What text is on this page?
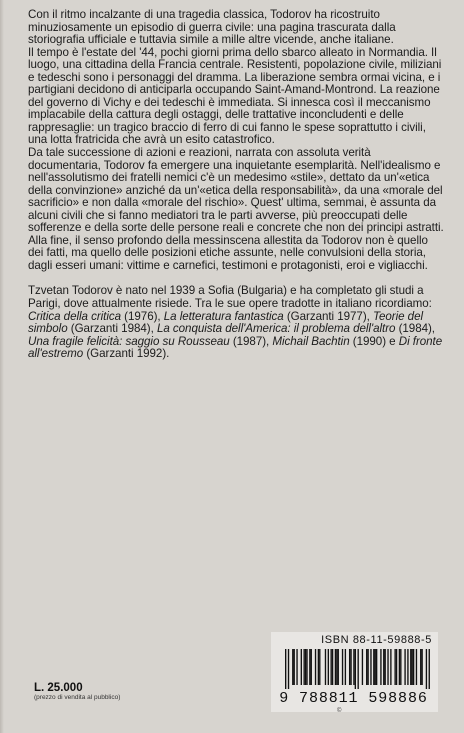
Con il ritmo incalzante di una tragedia classica, Todorov ha ricostruito minuziosamente un episodio di guerra civile: una pagina trascurata dalla storiografia ufficiale e tuttavia simile a mille altre vicende, anche italiane.

Il tempo è l'estate del '44, pochi giorni prima dello sbarco alleato in Normandia. Il luogo, una cittadina della Francia centrale. Resistenti, popolazione civile, miliziani e tedeschi sono i personaggi del dramma. La liberazione sembra ormai vicina, e i partigiani decidono di anticiparla occupando Saint-Amand-Montrond. La reazione del governo di Vichy e dei tedeschi è immediata. Si innesca così il meccanismo implacabile della cattura degli ostaggi, delle trattative inconcludenti e delle rappresaglie: un tragico braccio di ferro di cui fanno le spese soprattutto i civili, una lotta fratricida che avrà un esito catastrofico.

Da tale successione di azioni e reazioni, narrata con assoluta verità documentaria, Todorov fa emergere una inquietante esemplarità. Nell'idealismo e nell'assolutismo dei fratelli nemici c'è un medesimo «stile», dettato da un'«etica della convinzione» anziché da un'«etica della responsabilità», da una «morale del sacrificio» e non dalla «morale del rischio». Quest' ultima, semmai, è assunta da alcuni civili che si fanno mediatori tra le parti avverse, più preoccupati delle sofferenze e della sorte delle persone reali e concrete che non dei principi astratti.

Alla fine, il senso profondo della messinscena allestita da Todorov non è quello dei fatti, ma quello delle posizioni etiche assunte, nelle convulsioni della storia, dagli esseri umani: vittime e carnefici, testimoni e protagonisti, eroi e vigliacchi.

Tzvetan Todorov è nato nel 1939 a Sofia (Bulgaria) e ha completato gli studi a Parigi, dove attualmente risiede. Tra le sue opere tradotte in italiano ricordiamo: Critica della critica (1976), La letteratura fantastica (Garzanti 1977), Teorie del simbolo (Garzanti 1984), La conquista dell'America: il problema dell'altro (1984), Una fragile felicità: saggio su Rousseau (1987), Michail Bachtin (1990) e Di fronte all'estremo (Garzanti 1992).

L. 25.000
(prezzo di vendita al pubblico)
ISBN 88-11-59888-5
9 788811 598886
©
